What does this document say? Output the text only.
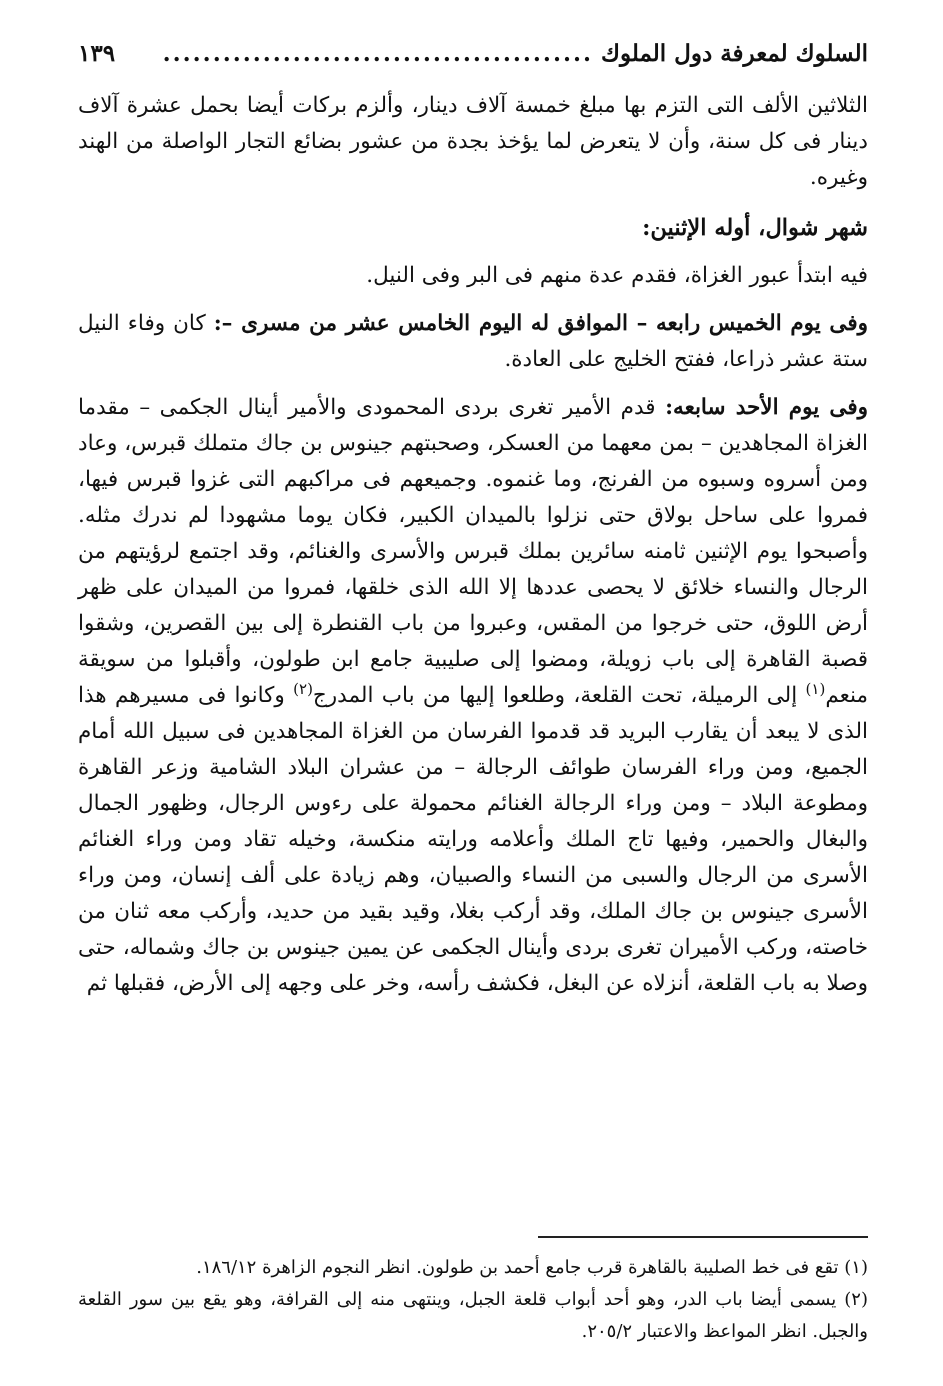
السلوك لمعرفة دول الملوك
...........................................
١٣٩

الثلاثين الألف التى التزم بها مبلغ خمسة آلاف دينار، وألزم بركات أيضا بحمل عشرة آلاف دينار فى كل سنة، وأن لا يتعرض لما يؤخذ بجدة من عشور بضائع التجار الواصلة من الهند وغيره.

شهر شوال، أوله الإثنين:

فيه ابتدأ عبور الغزاة، فقدم عدة منهم فى البر وفى النيل.

وفى يوم الخميس رابعه – الموافق له اليوم الخامس عشر من مسرى –: كان وفاء النيل ستة عشر ذراعا، ففتح الخليج على العادة.

وفى يوم الأحد سابعه: قدم الأمير تغرى بردى المحمودى والأمير أينال الجكمى – مقدما الغزاة المجاهدين – بمن معهما من العسكر، وصحبتهم جينوس بن جاك متملك قبرس، وعاد ومن أسروه وسبوه من الفرنج، وما غنموه. وجميعهم فى مراكبهم التى غزوا قبرس فيها، فمروا على ساحل بولاق حتى نزلوا بالميدان الكبير، فكان يوما مشهودا لم ندرك مثله. وأصبحوا يوم الإثنين ثامنه سائرين بملك قبرس والأسرى والغنائم، وقد اجتمع لرؤيتهم من الرجال والنساء خلائق لا يحصى عددها إلا الله الذى خلقها، فمروا من الميدان على ظهر أرض اللوق، حتى خرجوا من المقس، وعبروا من باب القنطرة إلى بين القصرين، وشقوا قصبة القاهرة إلى باب زويلة، ومضوا إلى صليبية جامع ابن طولون، وأقبلوا من سويقة منعم$^{(١)}$ إلى الرميلة، تحت القلعة، وطلعوا إليها من باب المدرج$^{(٢)}$ وكانوا فى مسيرهم هذا الذى لا يبعد أن يقارب البريد قد قدموا الفرسان من الغزاة المجاهدين فى سبيل الله أمام الجميع، ومن وراء الفرسان طوائف الرجالة – من عشران البلاد الشامية وزعر القاهرة ومطوعة البلاد – ومن وراء الرجالة الغنائم محمولة على رءوس الرجال، وظهور الجمال والبغال والحمير، وفيها تاج الملك وأعلامه ورايته منكسة، وخيله تقاد ومن وراء الغنائم الأسرى من الرجال والسبى من النساء والصبيان، وهم زيادة على ألف إنسان، ومن وراء الأسرى جينوس بن جاك الملك، وقد أركب بغلا، وقيد بقيد من حديد، وأركب معه ثنان من خاصته، وركب الأميران تغرى بردى وأينال الجكمى عن يمين جينوس بن جاك وشماله، حتى وصلا به باب القلعة، أنزلاه عن البغل، فكشف رأسه، وخر على وجهه إلى الأرض، فقبلها ثم

(١) تقع فى خط الصليبة بالقاهرة قرب جامع أحمد بن طولون. انظر النجوم الزاهرة ١٨٦/١٢.

(٢) يسمى أيضا باب الدر، وهو أحد أبواب قلعة الجبل، وينتهى منه إلى القرافة، وهو يقع بين سور القلعة والجبل. انظر المواعظ والاعتبار ٢٠٥/٢.
